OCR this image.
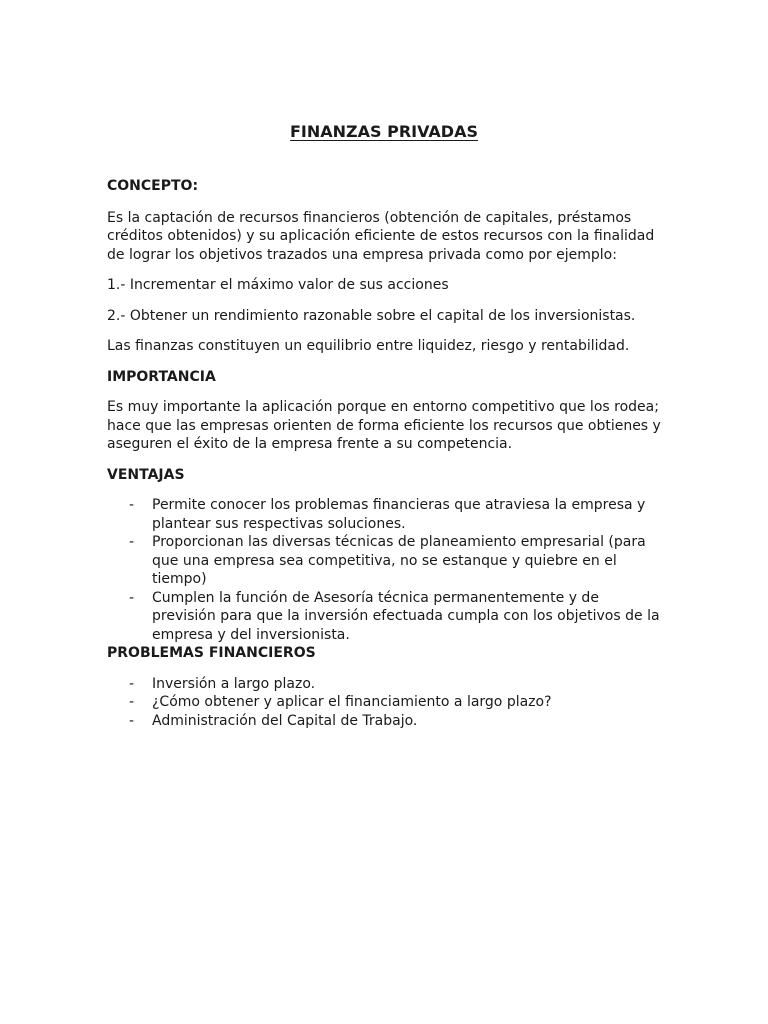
FINANZAS PRIVADAS
CONCEPTO:

Es la captación de recursos financieros (obtención de capitales, préstamos créditos obtenidos) y su aplicación eficiente de estos recursos con la finalidad de lograr los objetivos trazados una empresa privada como por ejemplo:

1.- Incrementar el máximo valor de sus acciones

2.- Obtener un rendimiento razonable sobre el capital de los inversionistas.

Las finanzas constituyen un equilibrio entre liquidez, riesgo y rentabilidad.

IMPORTANCIA

Es muy importante la aplicación porque en entorno competitivo que los rodea; hace que las empresas orienten de forma eficiente los recursos que obtienes y aseguren el éxito de la empresa frente a su competencia.

VENTAJAS
- Permite conocer los problemas financieras que atraviesa la empresa y plantear sus respectivas soluciones.
- Proporcionan las diversas técnicas de planeamiento empresarial (para que una empresa sea competitiva, no se estanque y quiebre en el tiempo)
- Cumplen la función de Asesoría técnica permanentemente y de previsión para que la inversión efectuada cumpla con los objetivos de la empresa y del inversionista.
PROBLEMAS FINANCIEROS
- Inversión a largo plazo.
- ¿Cómo obtener y aplicar el financiamiento a largo plazo?
- Administración del Capital de Trabajo.
